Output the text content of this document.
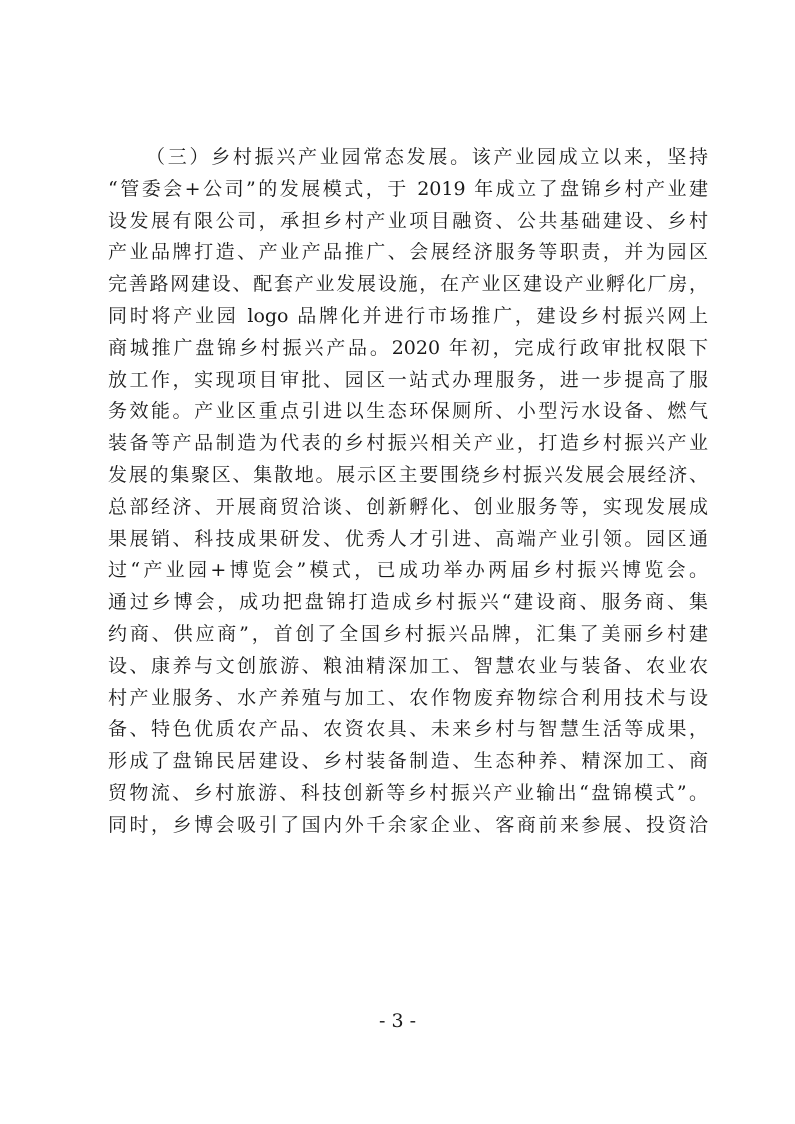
（三）乡村振兴产业园常态发展。该产业园成立以来，坚持
“管委会+公司”的发展模式，于 2019 年成立了盘锦乡村产业建
设发展有限公司，承担乡村产业项目融资、公共基础建设、乡村
产业品牌打造、产业产品推广、会展经济服务等职责，并为园区
完善路网建设、配套产业发展设施，在产业区建设产业孵化厂房，
同时将产业园 logo 品牌化并进行市场推广，建设乡村振兴网上
商城推广盘锦乡村振兴产品。2020 年初，完成行政审批权限下
放工作，实现项目审批、园区一站式办理服务，进一步提高了服
务效能。产业区重点引进以生态环保厕所、小型污水设备、燃气
装备等产品制造为代表的乡村振兴相关产业，打造乡村振兴产业
发展的集聚区、集散地。展示区主要围绕乡村振兴发展会展经济、
总部经济、开展商贸洽谈、创新孵化、创业服务等，实现发展成
果展销、科技成果研发、优秀人才引进、高端产业引领。园区通
过“产业园+博览会”模式，已成功举办两届乡村振兴博览会。
通过乡博会，成功把盘锦打造成乡村振兴“建设商、服务商、集
约商、供应商”，首创了全国乡村振兴品牌，汇集了美丽乡村建
设、康养与文创旅游、粮油精深加工、智慧农业与装备、农业农
村产业服务、水产养殖与加工、农作物废弃物综合利用技术与设
备、特色优质农产品、农资农具、未来乡村与智慧生活等成果，
形成了盘锦民居建设、乡村装备制造、生态种养、精深加工、商
贸物流、乡村旅游、科技创新等乡村振兴产业输出“盘锦模式”。
同时，乡博会吸引了国内外千余家企业、客商前来参展、投资洽
- 3 -
